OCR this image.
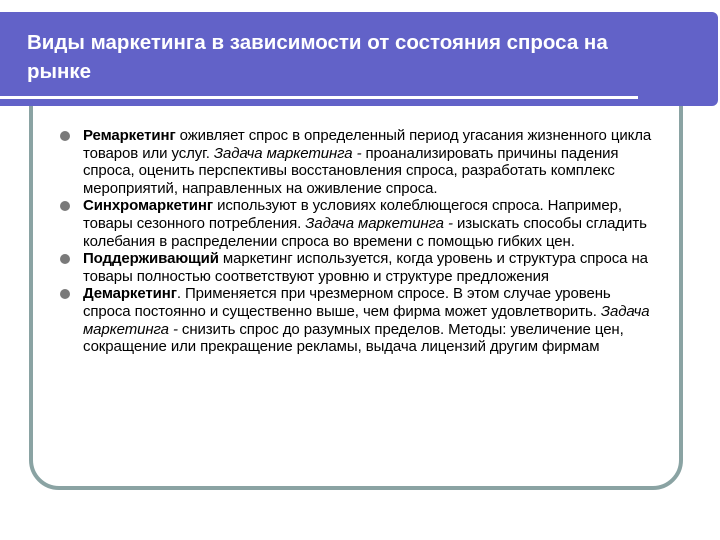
Виды маркетинга в зависимости от состояния спроса на рынке
Ремаркетинг оживляет спрос в определенный период угасания жизненного цикла товаров или услуг. Задача маркетинга - проанализировать причины падения спроса, оценить перспективы восстановления спроса, разработать комплекс мероприятий, направленных на оживление спроса.
Синхромаркетинг используют в условиях колеблющегося спроса. Например, товары сезонного потребления. Задача маркетинга - изыскать способы сгладить колебания в распределении спроса во времени с помощью гибких цен.
Поддерживающий маркетинг используется, когда уровень и структура спроса на товары полностью соответствуют уровню и структуре предложения
Демаркетинг. Применяется при чрезмерном спросе. В этом случае уровень спроса постоянно и существенно выше, чем фирма может удовлетворить. Задача маркетинга - снизить спрос до разумных пределов. Методы: увеличение цен, сокращение или прекращение рекламы, выдача лицензий другим фирмам
